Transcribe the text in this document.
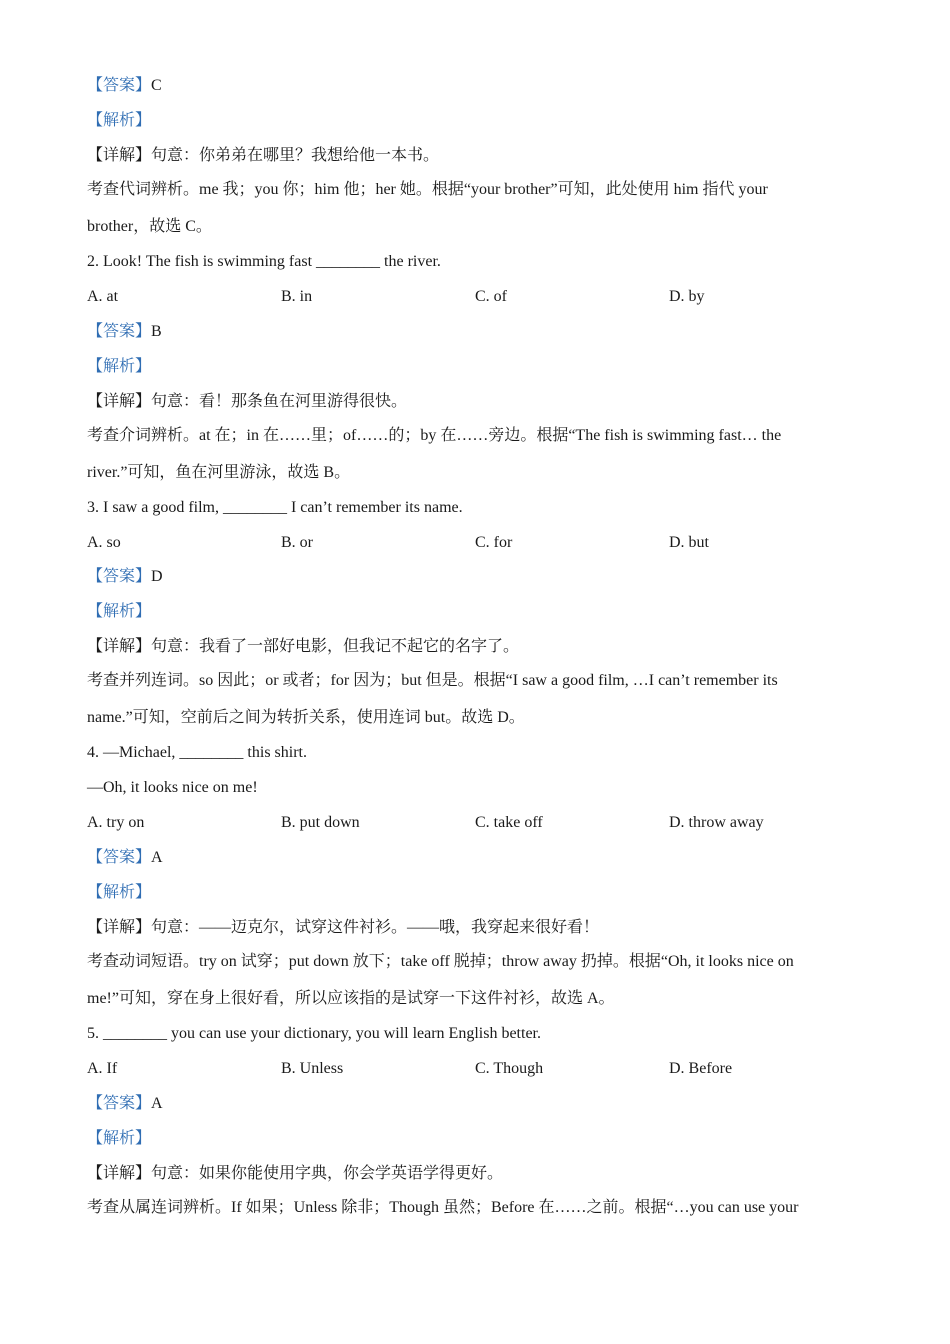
【答案】C
【解析】
【详解】句意：你弟弟在哪里？我想给他一本书。
考查代词辨析。me 我；you 你；him 他；her 她。根据“your brother”可知，此处使用 him 指代 your
brother，故选 C。
2. Look! The fish is swimming fast ________ the river.
A. at	B. in	C. of	D. by
【答案】B
【解析】
【详解】句意：看！那条鱼在河里游得很快。
考查介词辨析。at 在；in 在……里；of……的；by 在……旁边。根据“The fish is swimming fast… the
river.”可知，鱼在河里游泳，故选 B。
3. I saw a good film, ________ I can’t remember its name.
A. so	B. or	C. for	D. but
【答案】D
【解析】
【详解】句意：我看了一部好电影，但我记不起它的名字了。
考查并列连词。so 因此；or 或者；for 因为；but 但是。根据“I saw a good film, …I can’t remember its
name.”可知，空前后之间为转折关系，使用连词 but。故选 D。
4. —Michael, ________ this shirt.
—Oh, it looks nice on me!
A. try on	B. put down	C. take off	D. throw away
【答案】A
【解析】
【详解】句意：——迈克尔，试穿这件衬衫。——哦，我穿起来很好看！
考查动词短语。try on 试穿；put down 放下；take off 脱掉；throw away 扔掉。根据“Oh, it looks nice on
me!”可知，穿在身上很好看，所以应该指的是试穿一下这件衬衫，故选 A。
5. ________ you can use your dictionary, you will learn English better.
A. If	B. Unless	C. Though	D. Before
【答案】A
【解析】
【详解】句意：如果你能使用字典，你会学英语学得更好。
考查从属连词辨析。If 如果；Unless 除非；Though 虽然；Before 在……之前。根据“…you can use your
